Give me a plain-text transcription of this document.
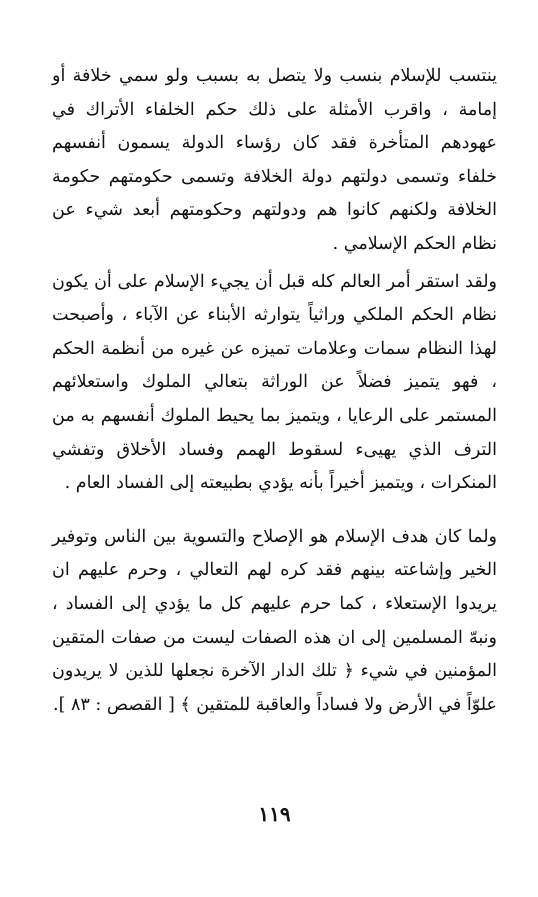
ينتسب للإسلام بنسب ولا يتصل به بسبب ولو سمي خلافة أو إمامة ، واقرب الأمثلة على ذلك حكم الخلفاء الأتراك في عهودهم المتأخرة فقد كان رؤساء الدولة يسمون أنفسهم خلفاء وتسمى دولتهم دولة الخلافة وتسمى حكومتهم حكومة الخلافة ولكنهم كانوا هم ودولتهم وحكومتهم أبعد شيء عن نظام الحكم الإسلامي .

ولقد استقر أمر العالم كله قبل أن يجيء الإسلام على أن يكون نظام الحكم الملكي وراثياً يتوارثه الأبناء عن الآباء ، وأصبحت لهذا النظام سمات وعلامات تميزه عن غيره من أنظمة الحكم ، فهو يتميز فضلاً عن الوراثة بتعالي الملوك واستعلائهم المستمر على الرعايا ، ويتميز بما يحيط الملوك أنفسهم به من الترف الذي يهيىء لسقوط الهمم وفساد الأخلاق وتفشي المنكرات ، ويتميز أخيراً بأنه يؤدي بطبيعته إلى الفساد العام .

ولما كان هدف الإسلام هو الإصلاح والتسوية بين الناس وتوفير الخير وإشاعته بينهم فقد كره لهم التعالي ، وحرم عليهم ان يريدوا الإستعلاء ، كما حرم عليهم كل ما يؤدي إلى الفساد ، ونبهّ المسلمين إلى ان هذه الصفات ليست من صفات المتقين المؤمنين في شيء ﴿ تلك الدار الآخرة نجعلها للذين لا يريدون علوّاً في الأرض ولا فساداً والعاقبة للمتقين ﴾ [ القصص : ٨٣ ].

١١٩
